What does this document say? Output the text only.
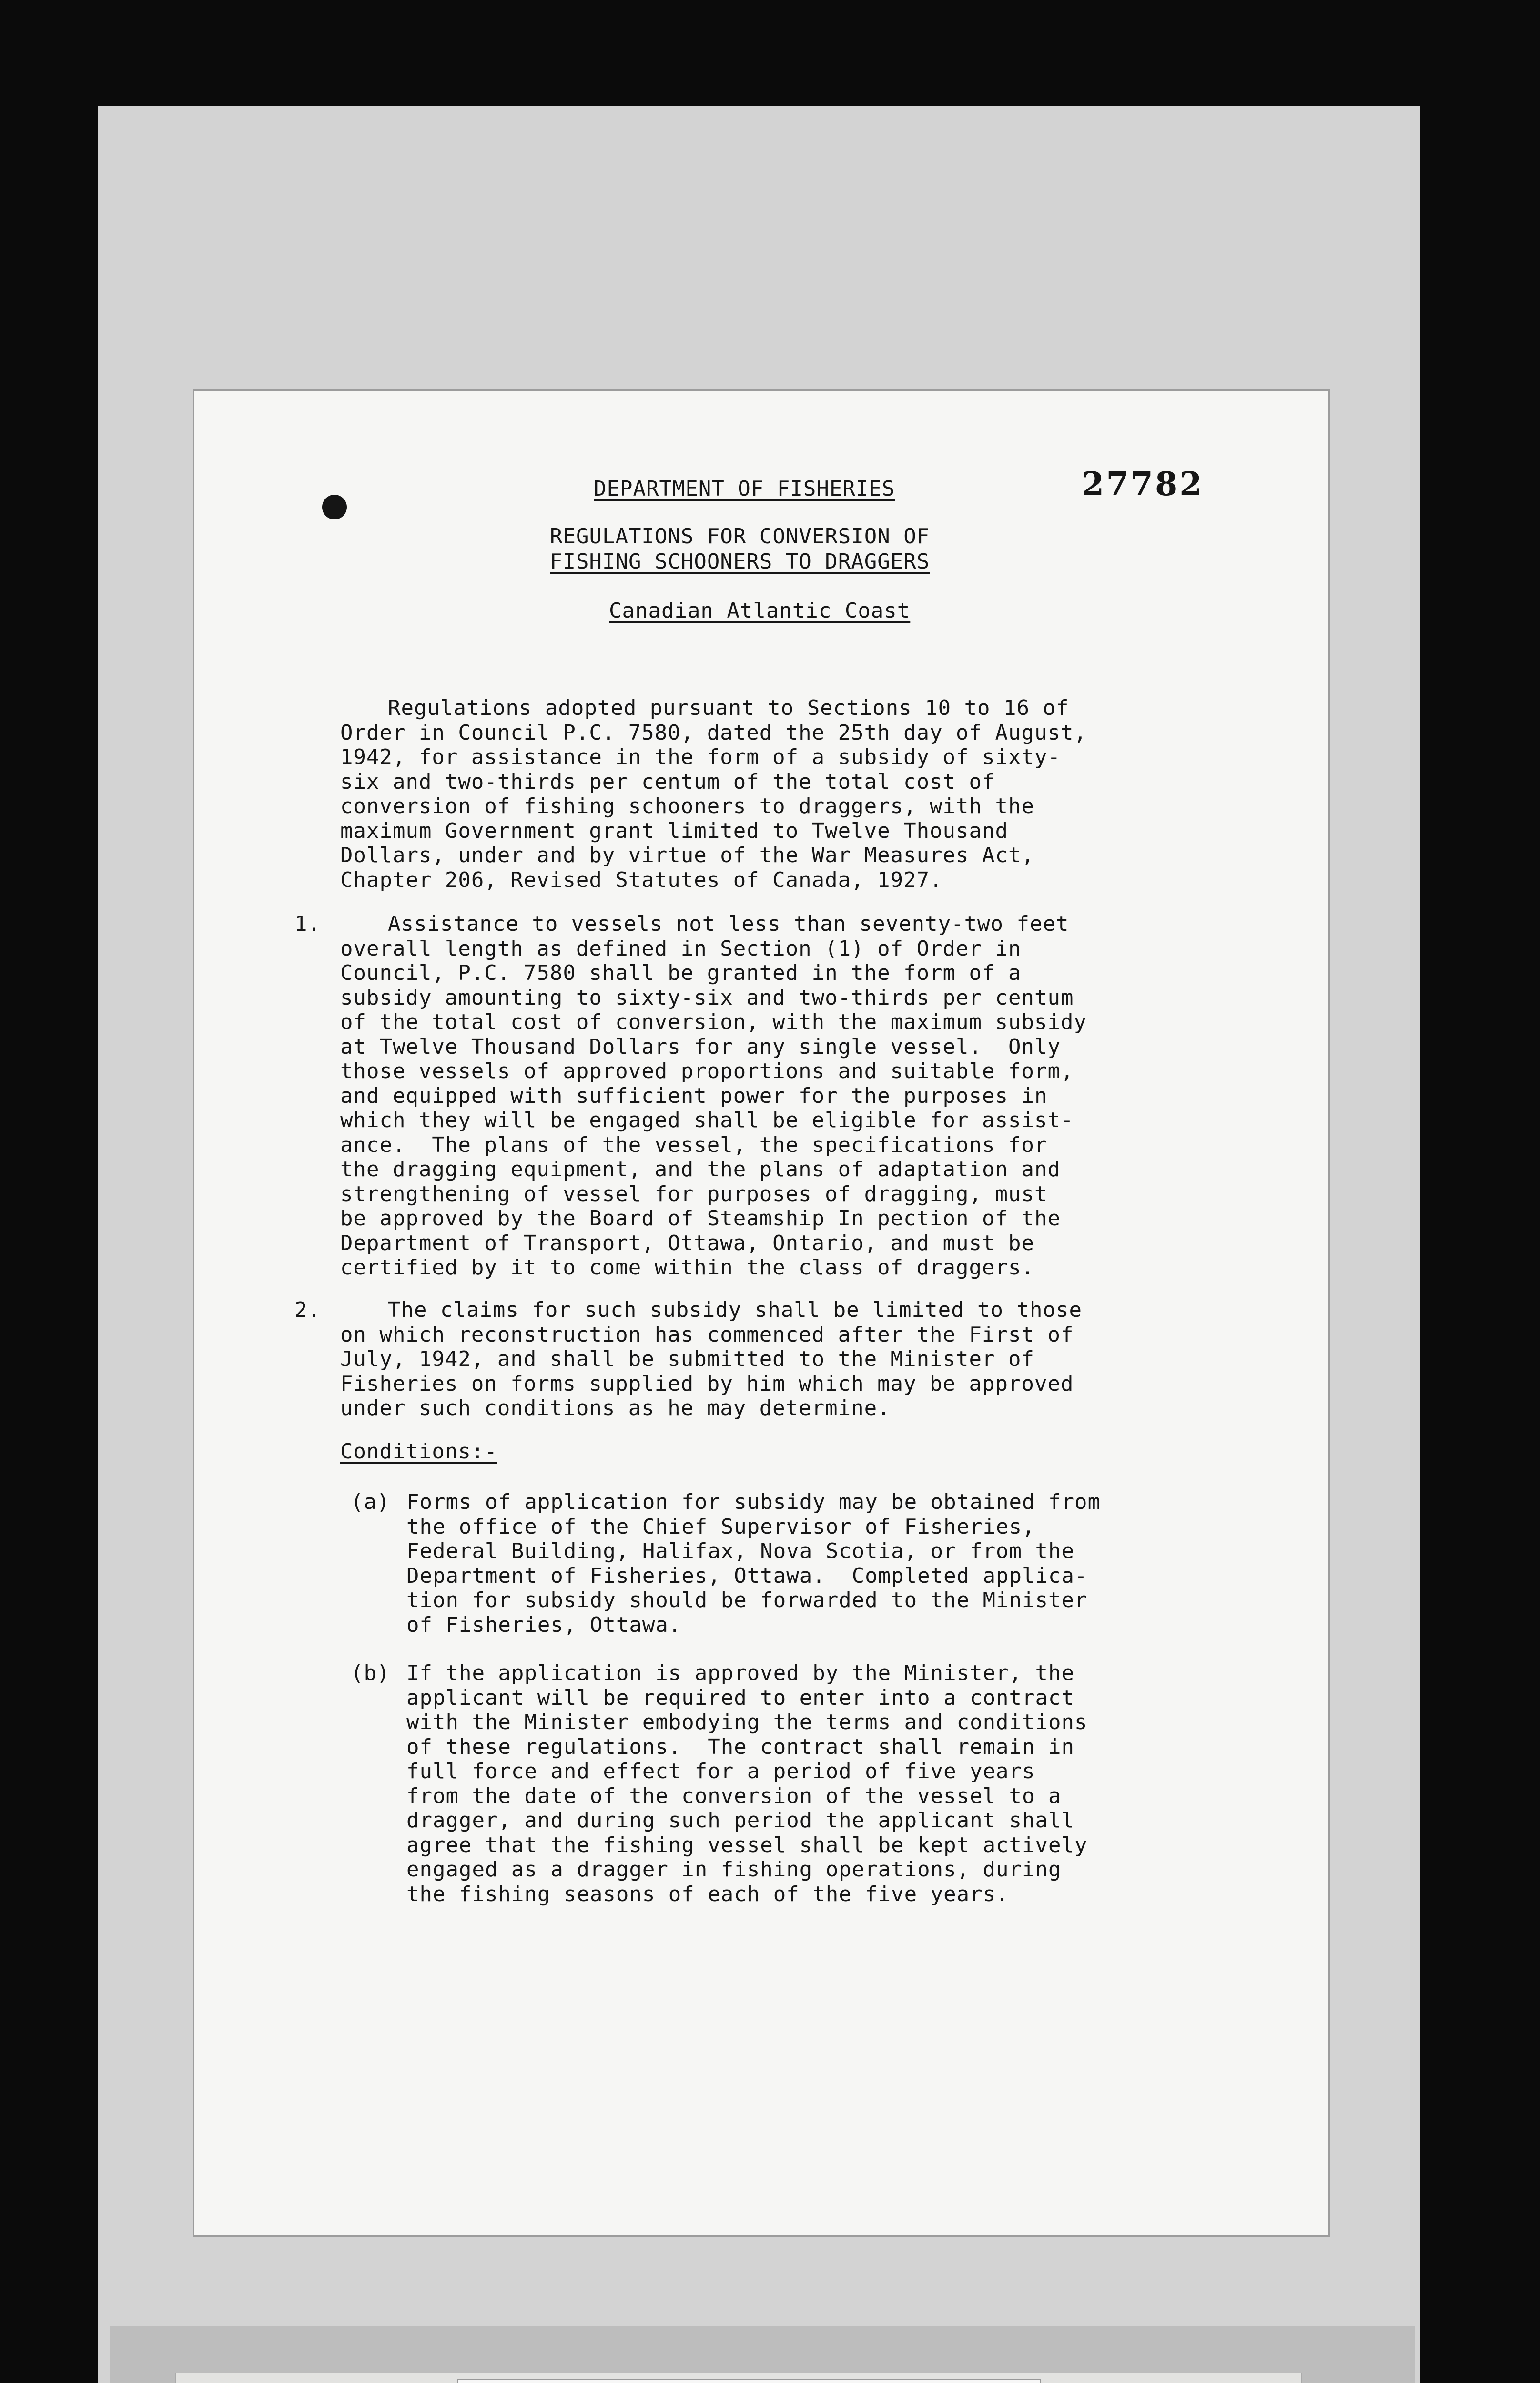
DEPARTMENT OF FISHERIES	27782
REGULATIONS FOR CONVERSION OF
FISHING SCHOONERS TO DRAGGERS
Canadian Atlantic Coast
Regulations adopted pursuant to Sections 10 to 16 of
Order in Council P.C. 7580, dated the 25th day of August,
1942, for assistance in the form of a subsidy of sixty-
six and two-thirds per centum of the total cost of
conversion of fishing schooners to draggers, with the
maximum Government grant limited to Twelve Thousand
Dollars, under and by virtue of the War Measures Act,
Chapter 206, Revised Statutes of Canada, 1927.
1.	Assistance to vessels not less than seventy-two feet
overall length as defined in Section (1) of Order in
Council, P.C. 7580 shall be granted in the form of a
subsidy amounting to sixty-six and two-thirds per centum
of the total cost of conversion, with the maximum subsidy
at Twelve Thousand Dollars for any single vessel.  Only
those vessels of approved proportions and suitable form,
and equipped with sufficient power for the purposes in
which they will be engaged shall be eligible for assist-
ance.  The plans of the vessel, the specifications for
the dragging equipment, and the plans of adaptation and
strengthening of vessel for purposes of dragging, must
be approved by the Board of Steamship In pection of the
Department of Transport, Ottawa, Ontario, and must be
certified by it to come within the class of draggers.
2.	The claims for such subsidy shall be limited to those
on which reconstruction has commenced after the First of
July, 1942, and shall be submitted to the Minister of
Fisheries on forms supplied by him which may be approved
under such conditions as he may determine.
Conditions:-
(a) Forms of application for subsidy may be obtained from
the office of the Chief Supervisor of Fisheries,
Federal Building, Halifax, Nova Scotia, or from the
Department of Fisheries, Ottawa.  Completed applica-
tion for subsidy should be forwarded to the Minister
of Fisheries, Ottawa.
(b) If the application is approved by the Minister, the
applicant will be required to enter into a contract
with the Minister embodying the terms and conditions
of these regulations.  The contract shall remain in
full force and effect for a period of five years
from the date of the conversion of the vessel to a
dragger, and during such period the applicant shall
agree that the fishing vessel shall be kept actively
engaged as a dragger in fishing operations, during
the fishing seasons of each of the five years.
